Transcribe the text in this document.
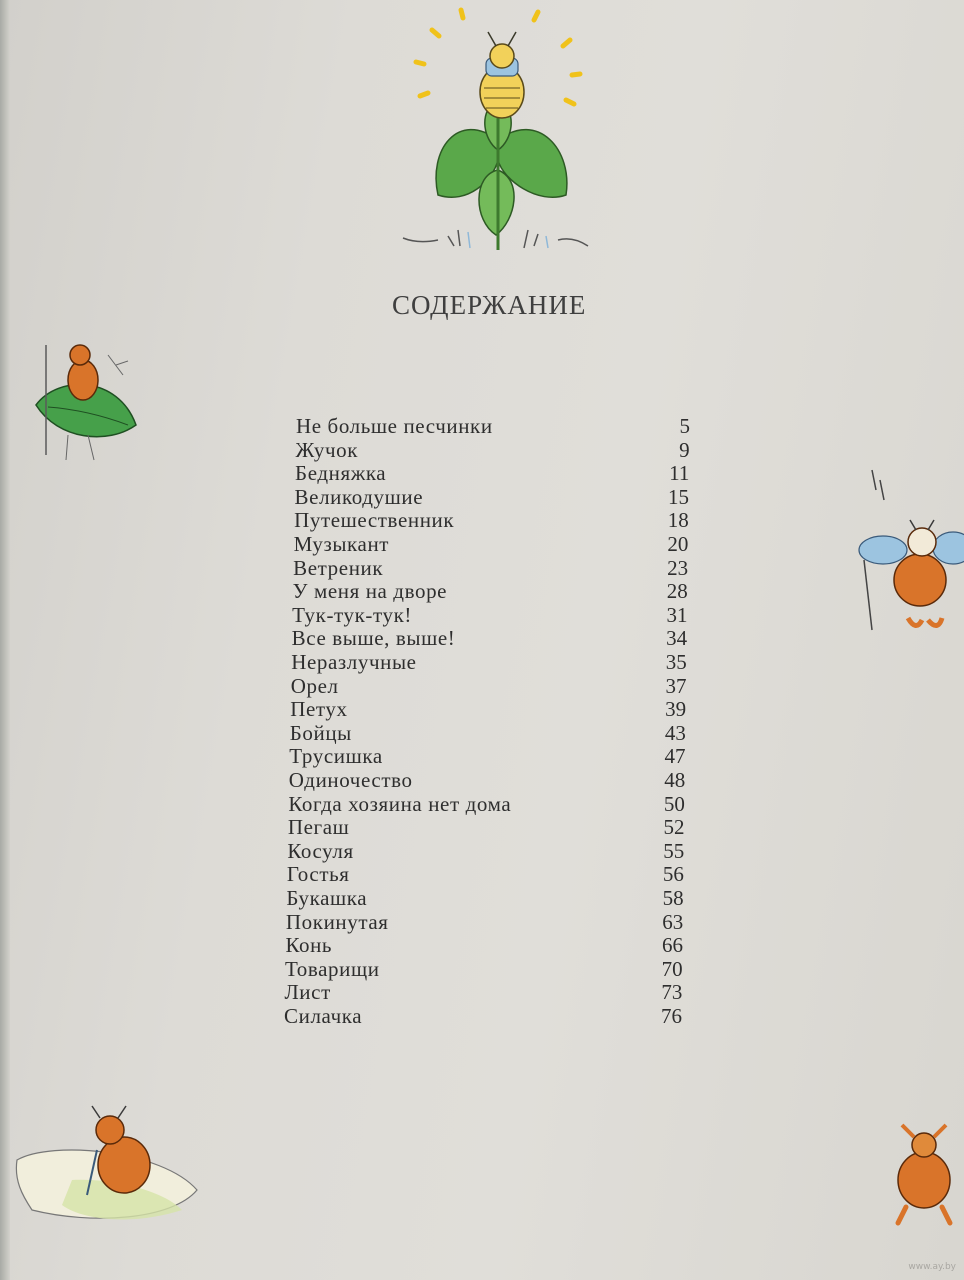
СОДЕРЖАНИЕ
Не больше песчинки	5
Жучок	9
Бедняжка	11
Великодушие	15
Путешественник	18
Музыкант	20
Ветреник	23
У меня на дворе	28
Тук-тук-тук!	31
Все выше, выше!	34
Неразлучные	35
Орел	37
Петух	39
Бойцы	43
Трусишка	47
Одиночество	48
Когда хозяина нет дома	50
Пегаш	52
Косуля	55
Гостья	56
Букашка	58
Покинутая	63
Конь	66
Товарищи	70
Лист	73
Силачка	76
www.ay.by
